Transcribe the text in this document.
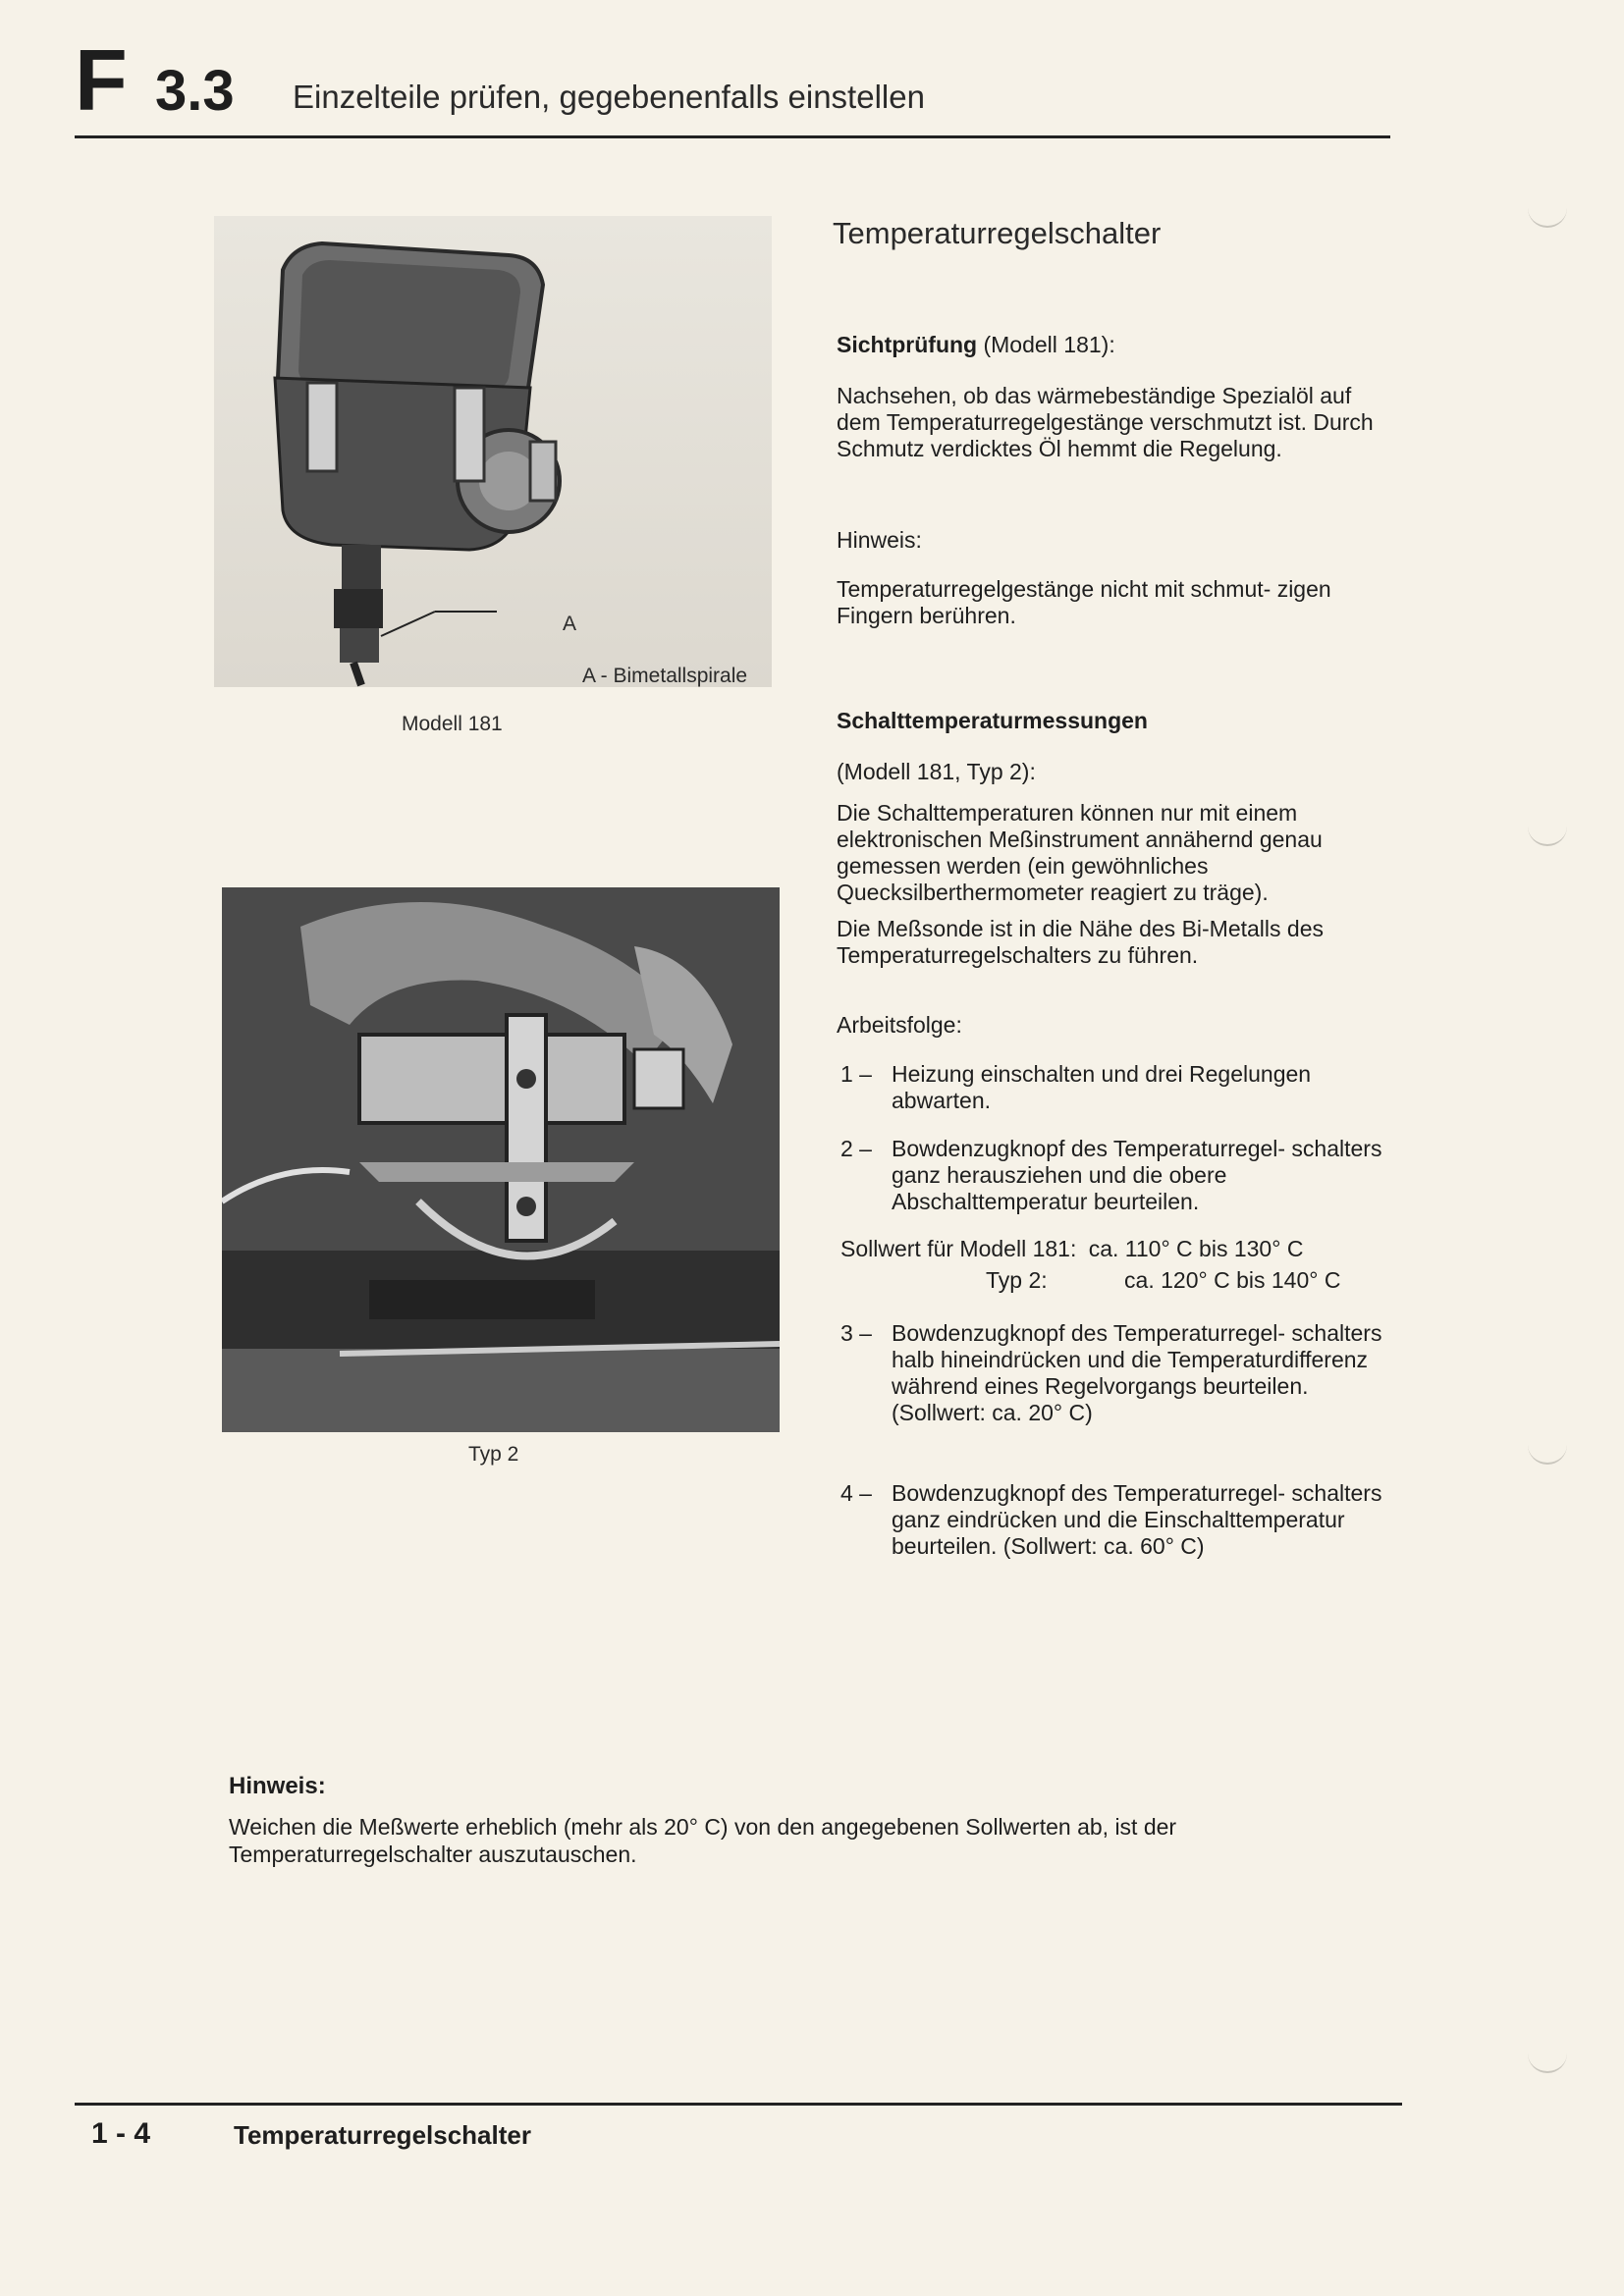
F 3.3 Einzelteile prüfen, gegebenenfalls einstellen
A
A - Bimetallspirale
Modell 181
Typ 2
Temperaturregelschalter
Sichtprüfung (Modell 181):
Nachsehen, ob das wärmebeständige Spezialöl auf dem Temperaturregelgestänge verschmutzt ist. Durch Schmutz verdicktes Öl hemmt die Regelung.
Hinweis:
Temperaturregelgestänge nicht mit schmut- zigen Fingern berühren.
Schalttemperaturmessungen
(Modell 181, Typ 2):
Die Schalttemperaturen können nur mit einem elektronischen Meßinstrument annähernd genau gemessen werden (ein gewöhnliches Quecksilberthermometer reagiert zu träge).
Die Meßsonde ist in die Nähe des Bi-Metalls des Temperaturregelschalters zu führen.
Arbeitsfolge:
1 – Heizung einschalten und drei Regelungen abwarten.
2 – Bowdenzugknopf des Temperaturregel- schalters ganz herausziehen und die obere Abschalttemperatur beurteilen.
Sollwert für Modell 181: ca. 110° C bis 130° C
Typ 2:	ca. 120° C bis 140° C
3 – Bowdenzugknopf des Temperaturregel- schalters halb hineindrücken und die Temperaturdifferenz während eines Regelvorgangs beurteilen. (Sollwert: ca. 20° C)
4 – Bowdenzugknopf des Temperaturregel- schalters ganz eindrücken und die Einschalttemperatur beurteilen. (Sollwert: ca. 60° C)
Hinweis:
Weichen die Meßwerte erheblich (mehr als 20° C) von den angegebenen Sollwerten ab, ist der Temperaturregelschalter auszutauschen.
1 - 4	Temperaturregelschalter
